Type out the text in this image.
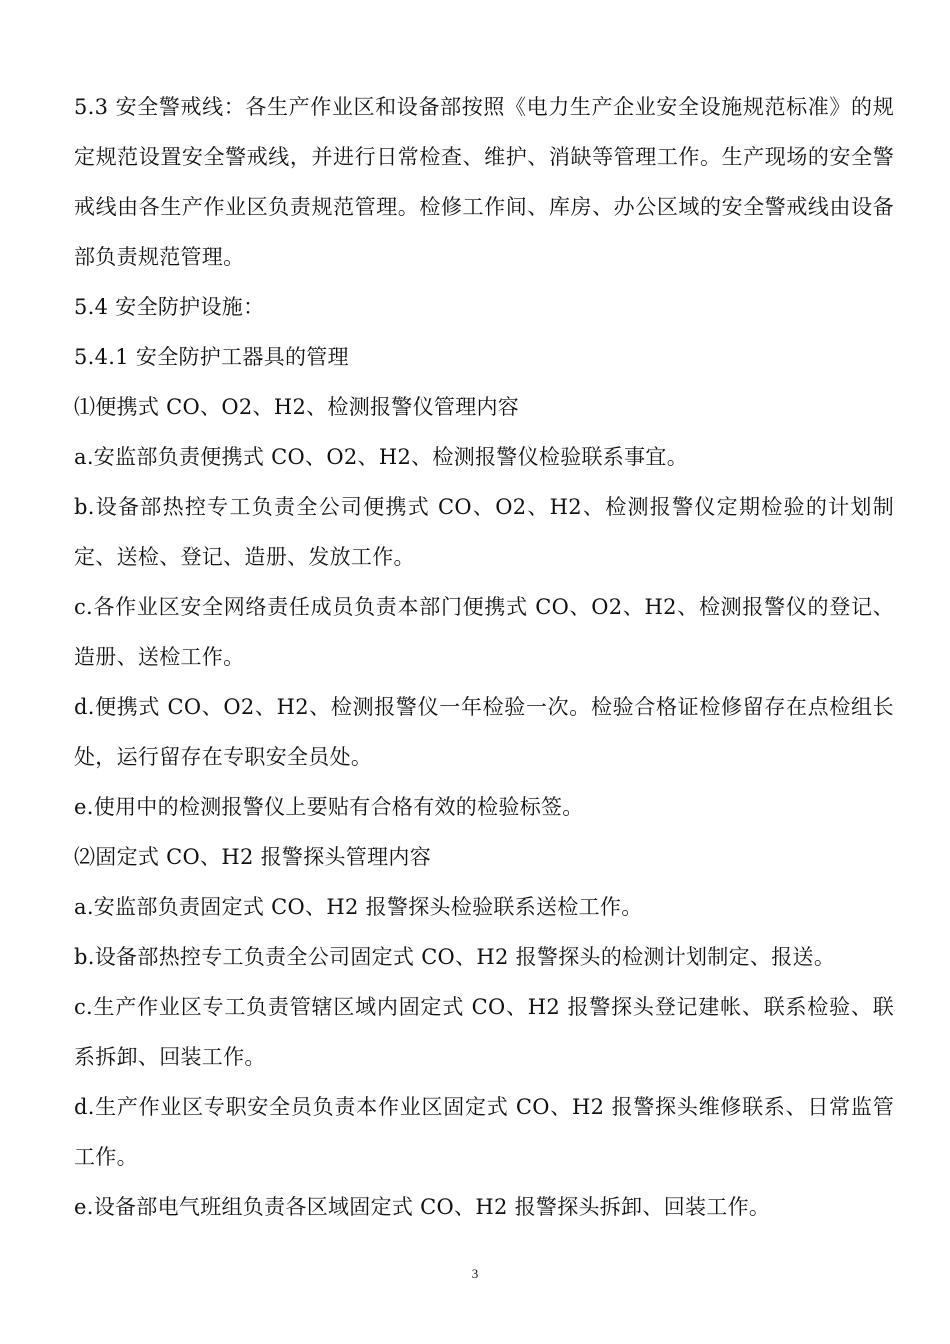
5.3 安全警戒线：各生产作业区和设备部按照《电力生产企业安全设施规范标准》的规定规范设置安全警戒线，并进行日常检查、维护、消缺等管理工作。生产现场的安全警戒线由各生产作业区负责规范管理。检修工作间、库房、办公区域的安全警戒线由设备部负责规范管理。

5.4 安全防护设施：

5.4.1 安全防护工器具的管理

⑴便携式 CO、O2、H2、检测报警仪管理内容

a.安监部负责便携式 CO、O2、H2、检测报警仪检验联系事宜。

b.设备部热控专工负责全公司便携式 CO、O2、H2、检测报警仪定期检验的计划制定、送检、登记、造册、发放工作。

c.各作业区安全网络责任成员负责本部门便携式 CO、O2、H2、检测报警仪的登记、造册、送检工作。

d.便携式 CO、O2、H2、检测报警仪一年检验一次。检验合格证检修留存在点检组长处，运行留存在专职安全员处。

e.使用中的检测报警仪上要贴有合格有效的检验标签。

⑵固定式 CO、H2 报警探头管理内容

a.安监部负责固定式 CO、H2 报警探头检验联系送检工作。

b.设备部热控专工负责全公司固定式 CO、H2 报警探头的检测计划制定、报送。

c.生产作业区专工负责管辖区域内固定式 CO、H2 报警探头登记建帐、联系检验、联系拆卸、回装工作。

d.生产作业区专职安全员负责本作业区固定式 CO、H2 报警探头维修联系、日常监管工作。

e.设备部电气班组负责各区域固定式 CO、H2 报警探头拆卸、回装工作。

3
